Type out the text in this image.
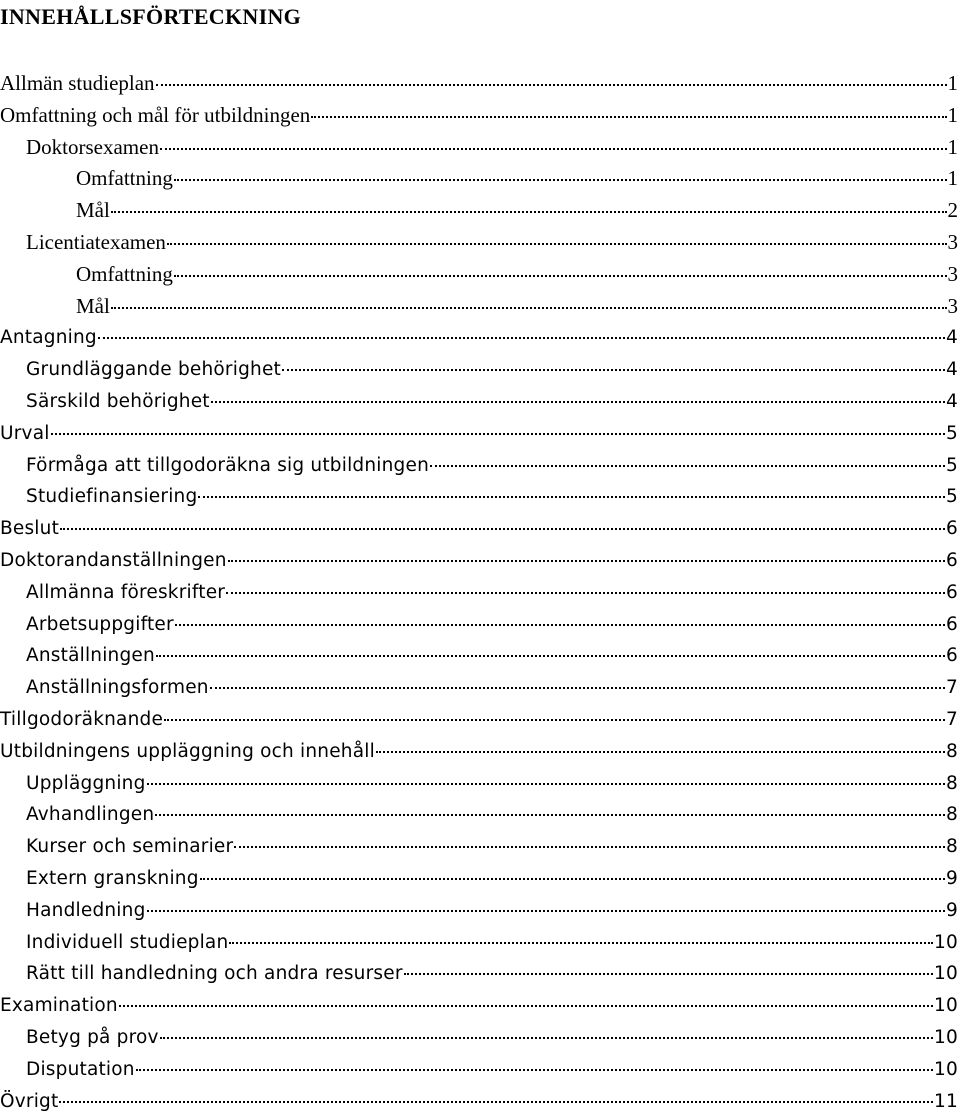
INNEHÅLLSFÖRTECKNING
Allmän studieplan	1
Omfattning och mål för utbildningen	1
Doktorsexamen	1
Omfattning	1
Mål	2
Licentiatexamen	3
Omfattning	3
Mål	3
Antagning	4
Grundläggande behörighet	4
Särskild behörighet	4
Urval	5
Förmåga att tillgodoräkna sig utbildningen	5
Studiefinansiering	5
Beslut	6
Doktorandanställningen	6
Allmänna föreskrifter	6
Arbetsuppgifter	6
Anställningen	6
Anställningsformen	7
Tillgodoräknande	7
Utbildningens uppläggning och innehåll	8
Uppläggning	8
Avhandlingen	8
Kurser och seminarier	8
Extern granskning	9
Handledning	9
Individuell studieplan	10
Rätt till handledning och andra resurser	10
Examination	10
Betyg på prov	10
Disputation	10
Övrigt	11
